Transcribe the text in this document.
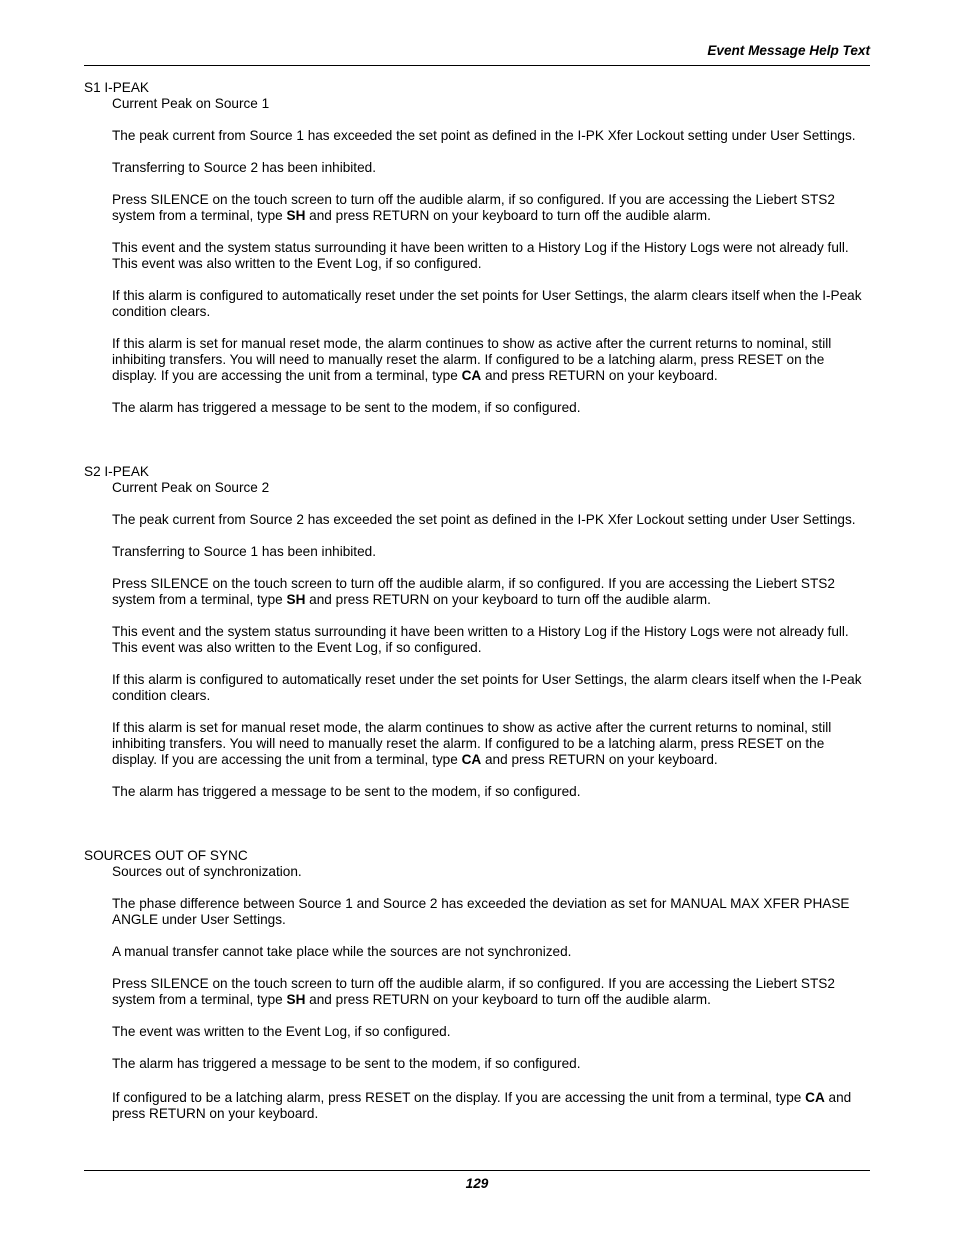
Event Message Help Text
S1 I-PEAK

Current Peak on Source 1

The peak current from Source 1 has exceeded the set point as defined in the I-PK Xfer Lockout setting under User Settings.

Transferring to Source 2 has been inhibited.

Press SILENCE on the touch screen to turn off the audible alarm, if so configured. If you are accessing the Liebert STS2 system from a terminal, type SH and press RETURN on your keyboard to turn off the audible alarm.

This event and the system status surrounding it have been written to a History Log if the History Logs were not already full. This event was also written to the Event Log, if so configured.

If this alarm is configured to automatically reset under the set points for User Settings, the alarm clears itself when the I-Peak condition clears.

If this alarm is set for manual reset mode, the alarm continues to show as active after the current returns to nominal, still inhibiting transfers. You will need to manually reset the alarm. If configured to be a latching alarm, press RESET on the display. If you are accessing the unit from a terminal, type CA and press RETURN on your keyboard.

The alarm has triggered a message to be sent to the modem, if so configured.

S2 I-PEAK

Current Peak on Source 2

The peak current from Source 2 has exceeded the set point as defined in the I-PK Xfer Lockout setting under User Settings.

Transferring to Source 1 has been inhibited.

Press SILENCE on the touch screen to turn off the audible alarm, if so configured. If you are accessing the Liebert STS2 system from a terminal, type SH and press RETURN on your keyboard to turn off the audible alarm.

This event and the system status surrounding it have been written to a History Log if the History Logs were not already full. This event was also written to the Event Log, if so configured.

If this alarm is configured to automatically reset under the set points for User Settings, the alarm clears itself when the I-Peak condition clears.

If this alarm is set for manual reset mode, the alarm continues to show as active after the current returns to nominal, still inhibiting transfers. You will need to manually reset the alarm. If configured to be a latching alarm, press RESET on the display. If you are accessing the unit from a terminal, type CA and press RETURN on your keyboard.

The alarm has triggered a message to be sent to the modem, if so configured.

SOURCES OUT OF SYNC

Sources out of synchronization.

The phase difference between Source 1 and Source 2 has exceeded the deviation as set for MANUAL MAX XFER PHASE ANGLE under User Settings.

A manual transfer cannot take place while the sources are not synchronized.

Press SILENCE on the touch screen to turn off the audible alarm, if so configured. If you are accessing the Liebert STS2 system from a terminal, type SH and press RETURN on your keyboard to turn off the audible alarm.

The event was written to the Event Log, if so configured.

The alarm has triggered a message to be sent to the modem, if so configured.

If configured to be a latching alarm, press RESET on the display. If you are accessing the unit from a terminal, type CA and press RETURN on your keyboard.

129
